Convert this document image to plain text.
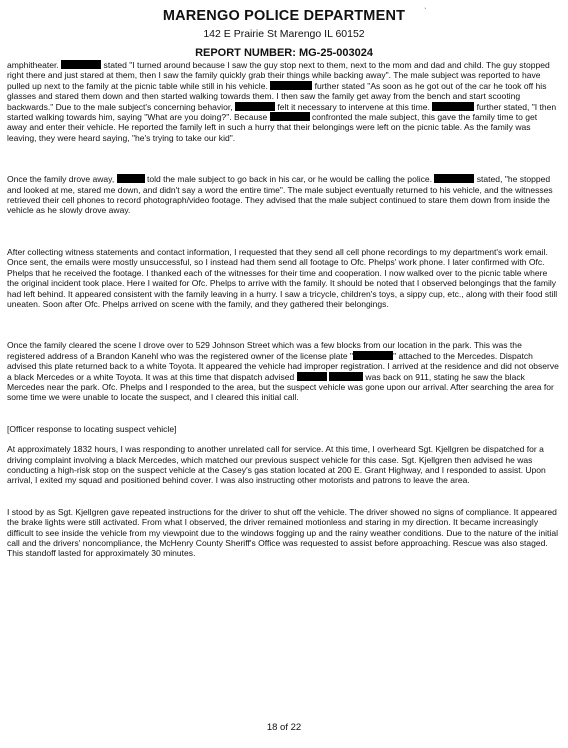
`
MARENGO POLICE DEPARTMENT
142 E Prairie St Marengo IL 60152
REPORT NUMBER: MG-25-003024

amphitheater.	stated "I turned around because I saw the guy stop next to them, next to the mom and dad and child. The guy stopped right there and just stared at them, then I saw the family quickly grab their things while backing away". The male subject was reported to have pulled up next to the family at the picnic table while still in his vehicle.	further stated "As soon as he got out of the car he took off his glasses and stared them down and then started walking towards them. I then saw the family get away from the bench and start scooting backwards." Due to the male subject's concerning behavior,	felt it necessary to intervene at this time.	further stated, "I then started walking towards him, saying "What are you doing?". Because	confronted the male subject, this gave the family time to get away and enter their vehicle. He reported the family left in such a hurry that their belongings were left on the picnic table. As the family was leaving, they were heard saying, "he's trying to take our kid".

Once the family drove away,	told the male subject to go back in his car, or he would be calling the police.	stated, "he stopped and looked at me, stared me down, and didn't say a word the entire time". The male subject eventually returned to his vehicle, and the witnesses retrieved their cell phones to record photograph/video footage. They advised that the male subject continued to stare them down from inside the vehicle as he slowly drove away.

After collecting witness statements and contact information, I requested that they send all cell phone recordings to my department's work email. Once sent, the emails were mostly unsuccessful, so I instead had them send all footage to Ofc. Phelps' work phone. I later confirmed with Ofc. Phelps that he received the footage. I thanked each of the witnesses for their time and cooperation. I now walked over to the picnic table where the original incident took place. Here I waited for Ofc. Phelps to arrive with the family. It should be noted that I observed belongings that the family had left behind. It appeared consistent with the family leaving in a hurry. I saw a tricycle, children's toys, a sippy cup, etc., along with their food still uneaten. Soon after Ofc. Phelps arrived on scene with the family, and they gathered their belongings.

Once the family cleared the scene I drove over to 529 Johnson Street which was a few blocks from our location in the park. This was the registered address of a Brandon Kanehl who was the registered owner of the license plate "	" attached to the Mercedes. Dispatch advised this plate returned back to a white Toyota. It appeared the vehicle had improper registration. I arrived at the residence and did not observe a black Mercedes or a white Toyota. It was at this time that dispatch advised	was back on 911, stating he saw the black Mercedes near the park. Ofc. Phelps and I responded to the area, but the suspect vehicle was gone upon our arrival. After searching the area for some time we were unable to locate the suspect, and I cleared this initial call.

[Officer response to locating suspect vehicle]

At approximately 1832 hours, I was responding to another unrelated call for service. At this time, I overheard Sgt. Kjellgren be dispatched for a driving complaint involving a black Mercedes, which matched our previous suspect vehicle for this case. Sgt. Kjellgren then advised he was conducting a high-risk stop on the suspect vehicle at the Casey's gas station located at 200 E. Grant Highway, and I responded to assist. Upon arrival, I exited my squad and positioned behind cover. I was also instructing other motorists and patrons to leave the area.

I stood by as Sgt. Kjellgren gave repeated instructions for the driver to shut off the vehicle. The driver showed no signs of compliance. It appeared the brake lights were still activated. From what I observed, the driver remained motionless and staring in my direction. It became increasingly difficult to see inside the vehicle from my viewpoint due to the windows fogging up and the rainy weather conditions. Due to the nature of the initial call and the drivers' noncompliance, the McHenry County Sheriff's Office was requested to assist before approaching. Rescue was also staged. This standoff lasted for approximately 30 minutes.

18 of 22
